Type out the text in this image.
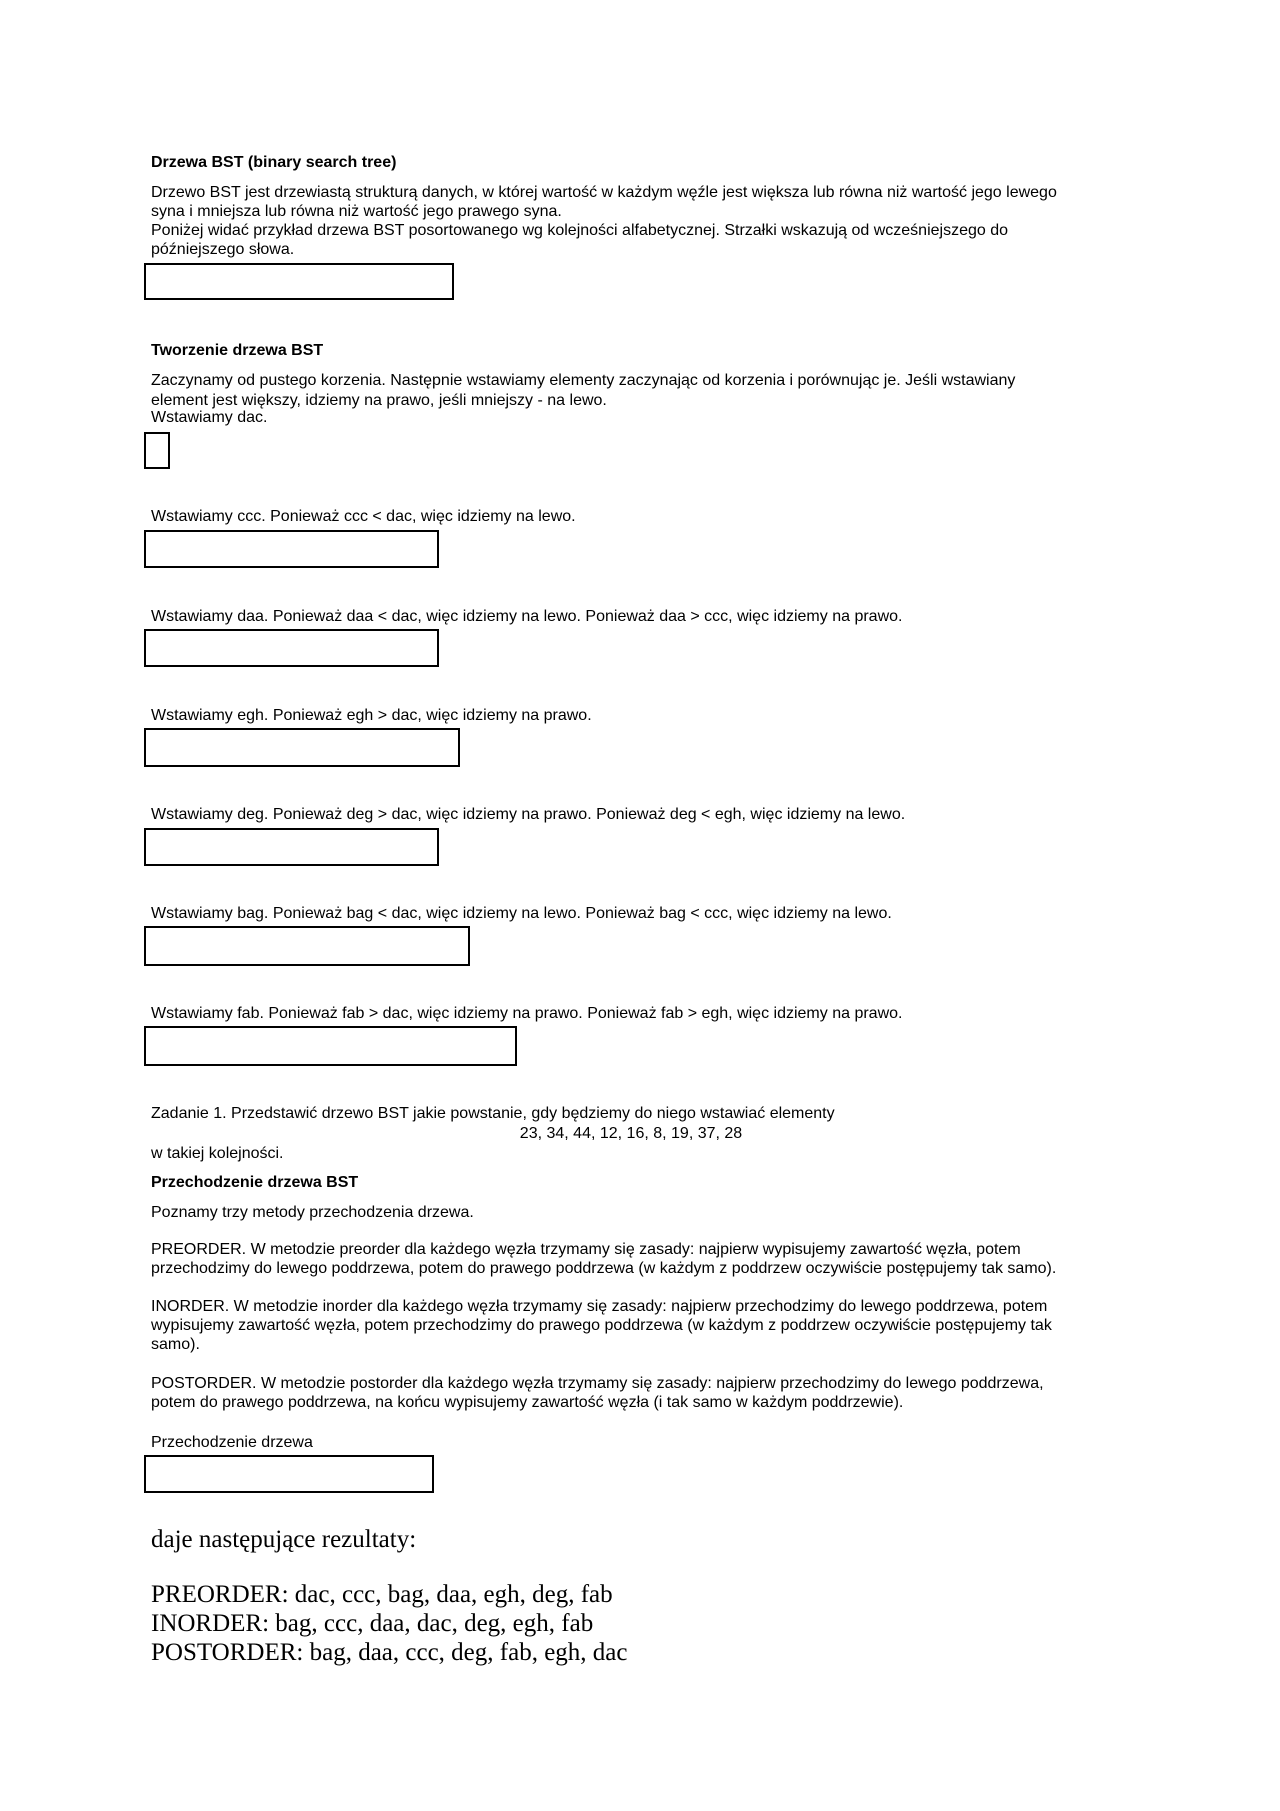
Drzewa BST (binary search tree)

Drzewo BST jest drzewiastą strukturą danych, w której wartość w każdym węźle jest większa lub równa niż wartość jego lewego

syna i mniejsza lub równa niż wartość jego prawego syna.

Poniżej widać przykład drzewa BST posortowanego wg kolejności alfabetycznej. Strzałki wskazują od wcześniejszego do

późniejszego słowa.

Tworzenie drzewa BST

Zaczynamy od pustego korzenia. Następnie wstawiamy elementy zaczynając od korzenia i porównując je. Jeśli wstawiany

element jest większy, idziemy na prawo, jeśli mniejszy - na lewo.

Wstawiamy dac.

Wstawiamy ccc. Ponieważ ccc < dac, więc idziemy na lewo.

Wstawiamy daa. Ponieważ daa < dac, więc idziemy na lewo. Ponieważ daa > ccc, więc idziemy na prawo.

Wstawiamy egh. Ponieważ egh > dac, więc idziemy na prawo.

Wstawiamy deg. Ponieważ deg > dac, więc idziemy na prawo. Ponieważ deg < egh, więc idziemy na lewo.

Wstawiamy bag. Ponieważ bag < dac, więc idziemy na lewo. Ponieważ bag < ccc, więc idziemy na lewo.

Wstawiamy fab. Ponieważ fab > dac, więc idziemy na prawo. Ponieważ fab > egh, więc idziemy na prawo.

Zadanie 1. Przedstawić drzewo BST jakie powstanie, gdy będziemy do niego wstawiać elementy

23, 34, 44, 12, 16, 8, 19, 37, 28

w takiej kolejności.

Przechodzenie drzewa BST

Poznamy trzy metody przechodzenia drzewa.

PREORDER. W metodzie preorder dla każdego węzła trzymamy się zasady: najpierw wypisujemy zawartość węzła, potem

przechodzimy do lewego poddrzewa, potem do prawego poddrzewa (w każdym z poddrzew oczywiście postępujemy tak samo).

INORDER. W metodzie inorder dla każdego węzła trzymamy się zasady: najpierw przechodzimy do lewego poddrzewa, potem

wypisujemy zawartość węzła, potem przechodzimy do prawego poddrzewa (w każdym z poddrzew oczywiście postępujemy tak

samo).

POSTORDER. W metodzie postorder dla każdego węzła trzymamy się zasady: najpierw przechodzimy do lewego poddrzewa,

potem do prawego poddrzewa, na końcu wypisujemy zawartość węzła (i tak samo w każdym poddrzewie).

Przechodzenie drzewa

daje następujące rezultaty:
PREORDER: dac, ccc, bag, daa, egh, deg, fab
INORDER: bag, ccc, daa, dac, deg, egh, fab
POSTORDER: bag, daa, ccc, deg, fab, egh, dac
